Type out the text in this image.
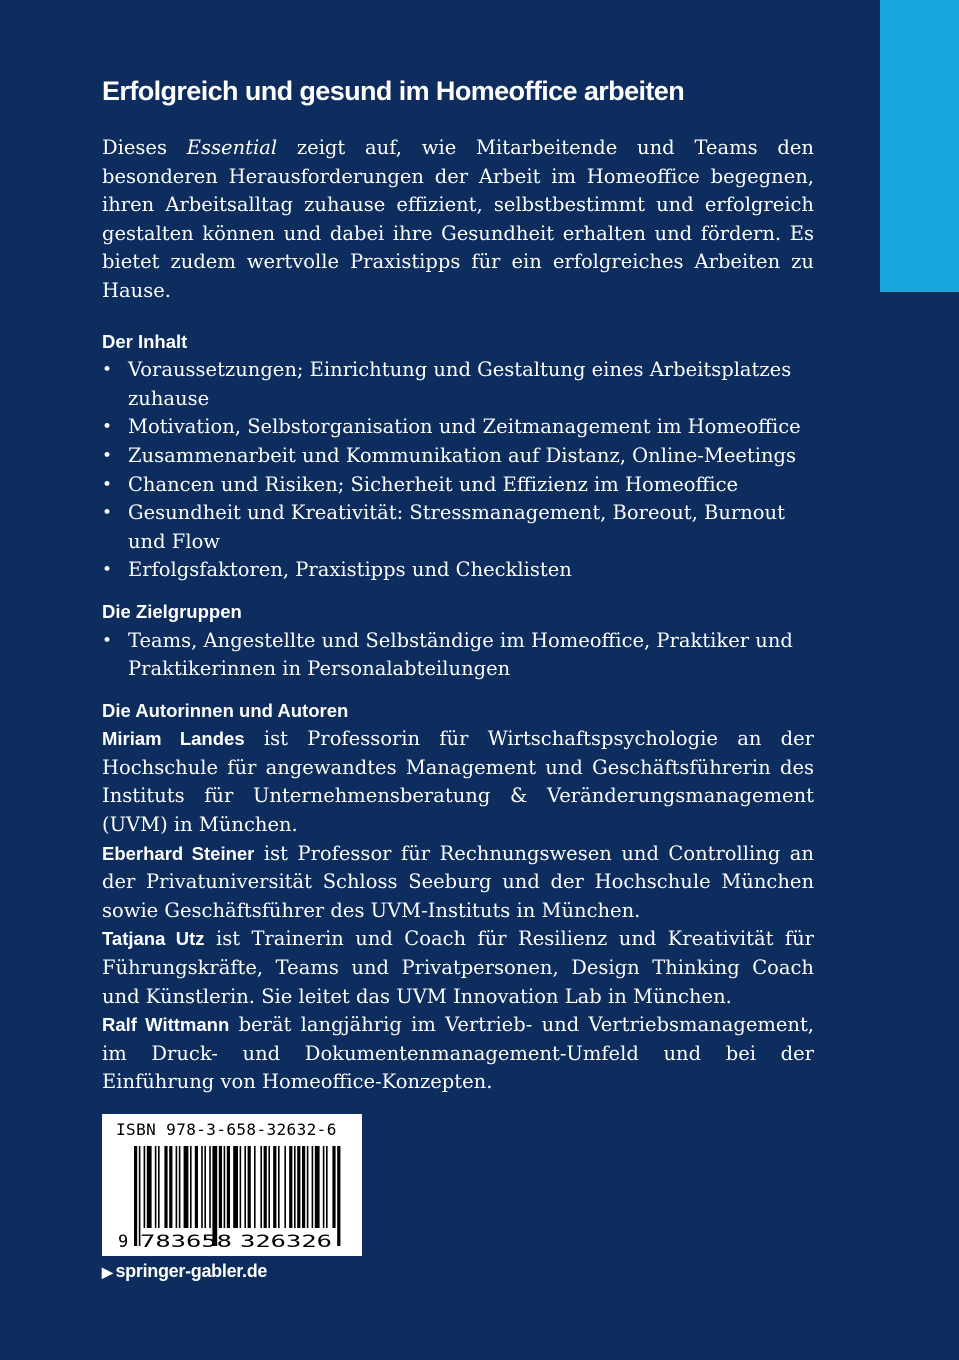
Erfolgreich und gesund im Homeoffice arbeiten

Dieses Essential zeigt auf, wie Mitarbeitende und Teams den besonderen Herausforderungen der Arbeit im Homeoffice begegnen, ihren Arbeitsalltag zuhause effizient, selbstbestimmt und erfolgreich gestalten können und dabei ihre Gesundheit erhalten und fördern. Es bietet zudem wertvolle Praxistipps für ein erfolgreiches Arbeiten zu Hause.

Der Inhalt
• Voraussetzungen; Einrichtung und Gestaltung eines Arbeitsplatzes zuhause
• Motivation, Selbstorganisation und Zeitmanagement im Homeoffice
• Zusammenarbeit und Kommunikation auf Distanz, Online-Meetings
• Chancen und Risiken; Sicherheit und Effizienz im Homeoffice
• Gesundheit und Kreativität: Stressmanagement, Boreout, Burnout und Flow
• Erfolgsfaktoren, Praxistipps und Checklisten
Die Zielgruppen
• Teams, Angestellte und Selbständige im Homeoffice, Praktiker und Praktikerinnen in Personalabteilungen
Die Autorinnen und Autoren

Miriam Landes ist Professorin für Wirtschaftspsychologie an der Hochschule für angewandtes Management und Geschäftsführerin des Instituts für Unternehmensberatung & Veränderungsmanagement (UVM) in München.

Eberhard Steiner ist Professor für Rechnungswesen und Controlling an der Privatuniversität Schloss Seeburg und der Hochschule München sowie Geschäftsführer des UVM-Instituts in München.

Tatjana Utz ist Trainerin und Coach für Resilienz und Kreativität für Führungskräfte, Teams und Privatpersonen, Design Thinking Coach und Künstlerin. Sie leitet das UVM Innovation Lab in München.

Ralf Wittmann berät langjährig im Vertrieb- und Vertriebsmanagement, im Druck- und Dokumentenmanagement-Umfeld und bei der Einführung von Homeoffice-Konzepten.

ISBN 978-3-658-32632-6
9 783658 326326
▶ springer-gabler.de
